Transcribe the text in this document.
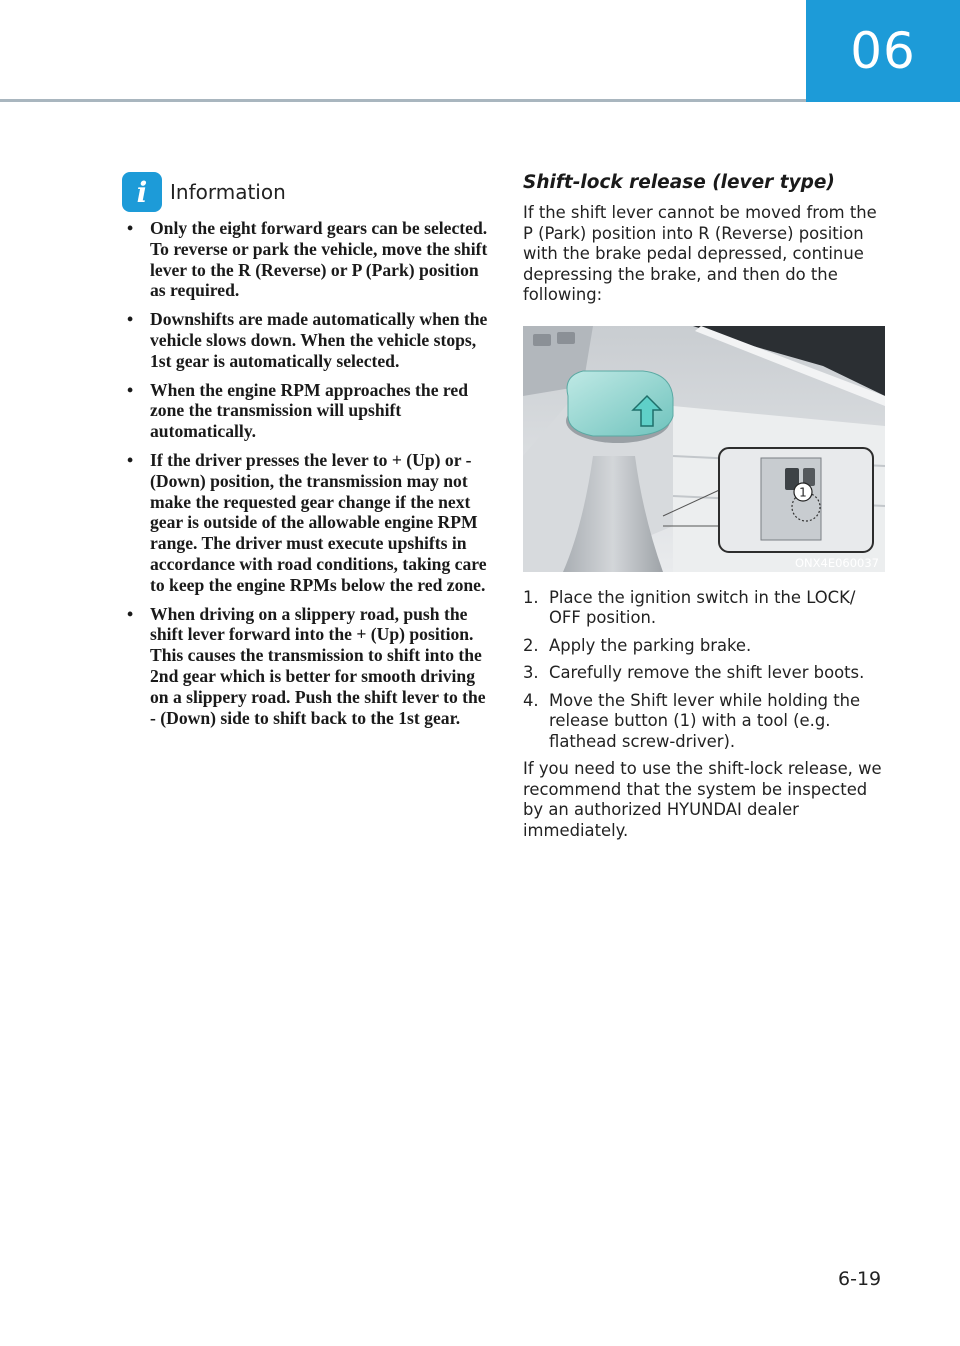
06
i	Information
• Only the eight forward gears can be selected. To reverse or park the vehicle, move the shift lever to the R (Reverse) or P (Park) position as required.
• Downshifts are made automatically when the vehicle slows down. When the vehicle stops, 1st gear is automatically selected.
• When the engine RPM approaches the red zone the transmission will upshift automatically.
• If the driver presses the lever to + (Up) or - (Down) position, the transmission may not make the requested gear change if the next gear is outside of the allowable engine RPM range. The driver must execute upshifts in accordance with road conditions, taking care to keep the engine RPMs below the red zone.
• When driving on a slippery road, push the shift lever forward into the + (Up) position. This causes the transmission to shift into the 2nd gear which is better for smooth driving on a slippery road. Push the shift lever to the - (Down) side to shift back to the 1st gear.
Shift-lock release (lever type)

If the shift lever cannot be moved from the P (Park) position into R (Reverse) position with the brake pedal depressed, continue depressing the brake, and then do the following:

1
ONX4E060037
1. Place the ignition switch in the LOCK/ OFF position.
2. Apply the parking brake.
3. Carefully remove the shift lever boots.
4. Move the Shift lever while holding the release button (1) with a tool (e.g. flathead screw-driver).

If you need to use the shift-lock release, we recommend that the system be inspected by an authorized HYUNDAI dealer immediately.

6-19
